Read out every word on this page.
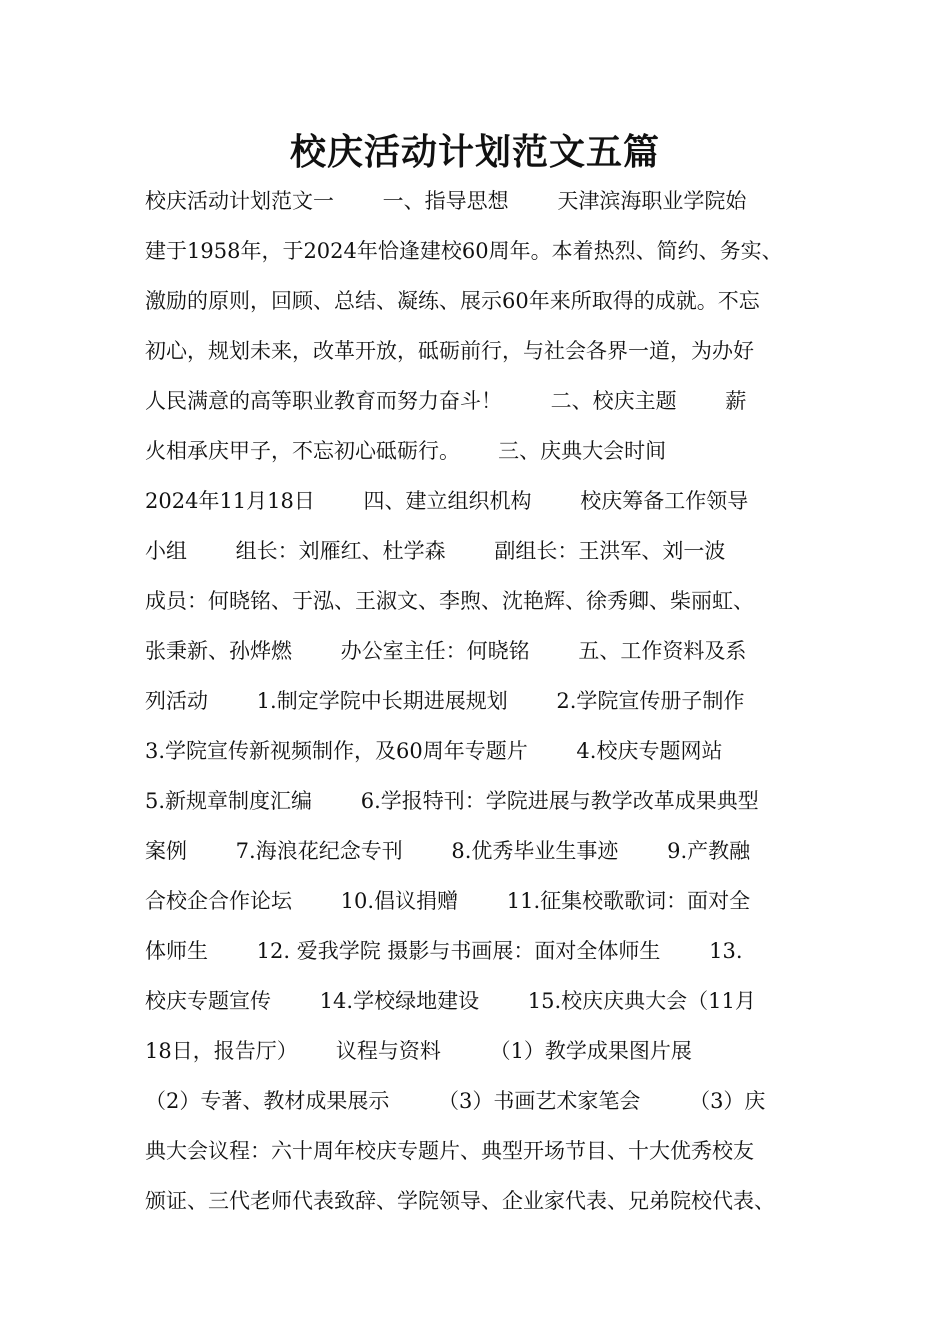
校庆活动计划范文五篇
校庆活动计划范文一　　 一、指导思想　　 天津滨海职业学院始
建于1958年，于2024年恰逢建校60周年。本着热烈、简约、务实、
激励的原则，回顾、总结、凝练、展示60年来所取得的成就。不忘
初心，规划未来，改革开放，砥砺前行，与社会各界一道，为办好
人民满意的高等职业教育而努力奋斗！　　 二、校庆主题　　 薪
火相承庆甲子，不忘初心砥砺行。　　 三、庆典大会时间
2024年11月18日　　 四、建立组织机构　　 校庆筹备工作领导
小组　　 组长：刘雁红、杜学森　　 副组长：王洪军、刘一波
成员：何晓铭、于泓、王淑文、李煦、沈艳辉、徐秀卿、柴丽虹、
张秉新、孙烨燃　　 办公室主任：何晓铭　　 五、工作资料及系
列活动　　 1.制定学院中长期进展规划　　 2.学院宣传册子制作
3.学院宣传新视频制作，及60周年专题片　　 4.校庆专题网站
5.新规章制度汇编　　 6.学报特刊：学院进展与教学改革成果典型
案例　　 7.海浪花纪念专刊　　 8.优秀毕业生事迹　　 9.产教融
合校企合作论坛　　 10.倡议捐赠　　 11.征集校歌歌词：面对全
体师生　　 12. 爱我学院 摄影与书画展：面对全体师生　　 13.
校庆专题宣传　　 14.学校绿地建设　　 15.校庆庆典大会（11月
18日，报告厅）　　 议程与资料　　 （1）教学成果图片展
（2）专著、教材成果展示　　 （3）书画艺术家笔会　　 （3）庆
典大会议程：六十周年校庆专题片、典型开场节目、十大优秀校友
颁证、三代老师代表致辞、学院领导、企业家代表、兄弟院校代表、
